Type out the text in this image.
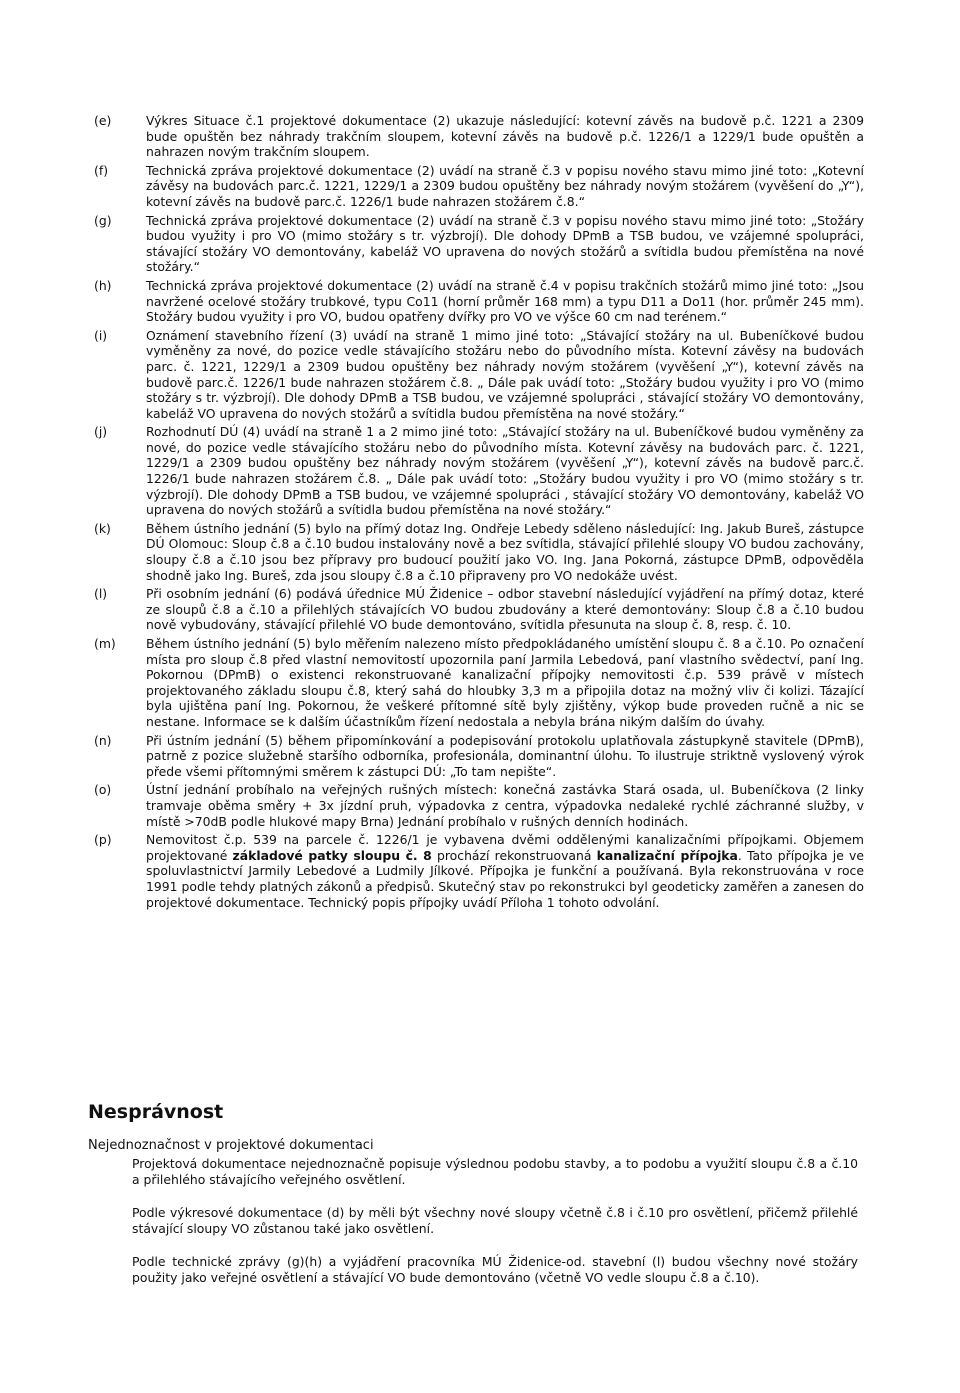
(e)	Výkres Situace č.1 projektové dokumentace (2) ukazuje následující: kotevní závěs na budově p.č. 1221 a 2309 bude opuštěn bez náhrady trakčním sloupem, kotevní závěs na budově p.č. 1226/1 a 1229/1 bude opuštěn a nahrazen novým trakčním sloupem.
(f)	Technická zpráva projektové dokumentace (2) uvádí na straně č.3 v popisu nového stavu mimo jiné toto: „Kotevní závěsy na budovách parc.č. 1221, 1229/1 a 2309 budou opuštěny bez náhrady novým stožárem (vyvěšení do „Y“), kotevní závěs na budově parc.č. 1226/1 bude nahrazen stožárem č.8.“
(g)	Technická zpráva projektové dokumentace (2) uvádí na straně č.3 v popisu nového stavu mimo jiné toto: „Stožáry budou využity i pro VO (mimo stožáry s tr. výzbrojí). Dle dohody DPmB a TSB budou, ve vzájemné spolupráci, stávající stožáry VO demontovány, kabeláž VO upravena do nových stožárů a svítidla budou přemístěna na nové stožáry.“
(h)	Technická zpráva projektové dokumentace (2) uvádí na straně č.4 v popisu trakčních stožárů mimo jiné toto: „Jsou navržené ocelové stožáry trubkové, typu Co11 (horní průměr 168 mm) a typu D11 a Do11 (hor. průměr 245 mm). Stožáry budou využity i pro VO, budou opatřeny dvířky pro VO ve výšce 60 cm nad terénem.“
(i)	Oznámení stavebního řízení (3) uvádí na straně 1 mimo jiné toto: „Stávající stožáry na ul. Bubeníčkové budou vyměněny za nové, do pozice vedle stávajícího stožáru nebo do původního místa. Kotevní závěsy na budovách parc. č. 1221, 1229/1 a 2309 budou opuštěny bez náhrady novým stožárem (vyvěšení „Y“), kotevní závěs na budově parc.č. 1226/1 bude nahrazen stožárem č.8. „ Dále pak uvádí toto: „Stožáry budou využity i pro VO (mimo stožáry s tr. výzbrojí). Dle dohody DPmB a TSB budou, ve vzájemné spolupráci , stávající stožáry VO demontovány, kabeláž VO upravena do nových stožárů a svítidla budou přemístěna na nové stožáry.“
(j)	Rozhodnutí DÚ (4) uvádí na straně 1 a 2 mimo jiné toto: „Stávající stožáry na ul. Bubeníčkové budou vyměněny za nové, do pozice vedle stávajícího stožáru nebo do původního místa. Kotevní závěsy na budovách parc. č. 1221, 1229/1 a 2309 budou opuštěny bez náhrady novým stožárem (vyvěšení „Y“), kotevní závěs na budově parc.č. 1226/1 bude nahrazen stožárem č.8. „ Dále pak uvádí toto: „Stožáry budou využity i pro VO (mimo stožáry s tr. výzbrojí). Dle dohody DPmB a TSB budou, ve vzájemné spolupráci , stávající stožáry VO demontovány, kabeláž VO upravena do nových stožárů a svítidla budou přemístěna na nové stožáry.“
(k)	Během ústního jednání (5) bylo na přímý dotaz Ing. Ondřeje Lebedy sděleno následující: Ing. Jakub Bureš, zástupce DÚ Olomouc: Sloup č.8 a č.10 budou instalovány nově a bez svítidla, stávající přilehlé sloupy VO budou zachovány, sloupy č.8 a č.10 jsou bez přípravy pro budoucí použití jako VO. Ing. Jana Pokorná, zástupce DPmB, odpověděla shodně jako Ing. Bureš, zda jsou sloupy č.8 a č.10 připraveny pro VO nedokáže uvést.
(l)	Při osobním jednání (6) podává úřednice MÚ Židenice – odbor stavební následující vyjádření na přímý dotaz, které ze sloupů č.8 a č.10 a přilehlých stávajících VO budou zbudovány a které demontovány: Sloup č.8 a č.10 budou nově vybudovány, stávající přilehlé VO bude demontováno, svítidla přesunuta na sloup č. 8, resp. č. 10.
(m)	Během ústního jednání (5) bylo měřením nalezeno místo předpokládaného umístění sloupu č. 8 a č.10. Po označení místa pro sloup č.8 před vlastní nemovitostí upozornila paní Jarmila Lebedová, paní vlastního svědectví, paní Ing. Pokornou (DPmB) o existenci rekonstruované kanalizační přípojky nemovitosti č.p. 539 právě v místech projektovaného základu sloupu č.8, který sahá do hloubky 3,3 m a připojila dotaz na možný vliv či kolizi. Tázající byla ujištěna paní Ing. Pokornou, že veškeré přítomné sítě byly zjištěny, výkop bude proveden ručně a nic se nestane. Informace se k dalším účastníkům řízení nedostala a nebyla brána nikým dalším do úvahy.
(n)	Při ústním jednání (5) během připomínkování a podepisování protokolu uplatňovala zástupkyně stavitele (DPmB), patrně z pozice služebně staršího odborníka, profesionála, dominantní úlohu. To ilustruje striktně vyslovený výrok přede všemi přítomnými směrem k zástupci DÚ: „To tam nepište“.
(o)	Ústní jednání probíhalo na veřejných rušných místech: konečná zastávka Stará osada, ul. Bubeníčkova (2 linky tramvaje oběma směry + 3x jízdní pruh, výpadovka z centra, výpadovka nedaleké rychlé záchranné služby, v místě >70dB podle hlukové mapy Brna) Jednání probíhalo v rušných denních hodinách.
(p)	Nemovitost č.p. 539 na parcele č. 1226/1 je vybavena dvěmi oddělenými kanalizačními přípojkami. Objemem projektované základové patky sloupu č. 8 prochází rekonstruovaná kanalizační přípojka. Tato přípojka je ve spoluvlastnictví Jarmily Lebedové a Ludmily Jílkové. Přípojka je funkční a používaná. Byla rekonstruována v roce 1991 podle tehdy platných zákonů a předpisů. Skutečný stav po rekonstrukci byl geodeticky zaměřen a zanesen do projektové dokumentace. Technický popis přípojky uvádí Příloha 1 tohoto odvolání.
Nesprávnost
Nejednoznačnost v projektové dokumentaci

Projektová dokumentace nejednoznačně popisuje výslednou podobu stavby, a to podobu a využití sloupu č.8 a č.10 a přilehlého stávajícího veřejného osvětlení.

Podle výkresové dokumentace (d) by měli být všechny nové sloupy včetně č.8 i č.10 pro osvětlení, přičemž přilehlé stávající sloupy VO zůstanou také jako osvětlení.

Podle technické zprávy (g)(h) a vyjádření pracovníka MÚ Židenice-od. stavební (l) budou všechny nové stožáry použity jako veřejné osvětlení a stávající VO bude demontováno (včetně VO vedle sloupu č.8 a č.10).
